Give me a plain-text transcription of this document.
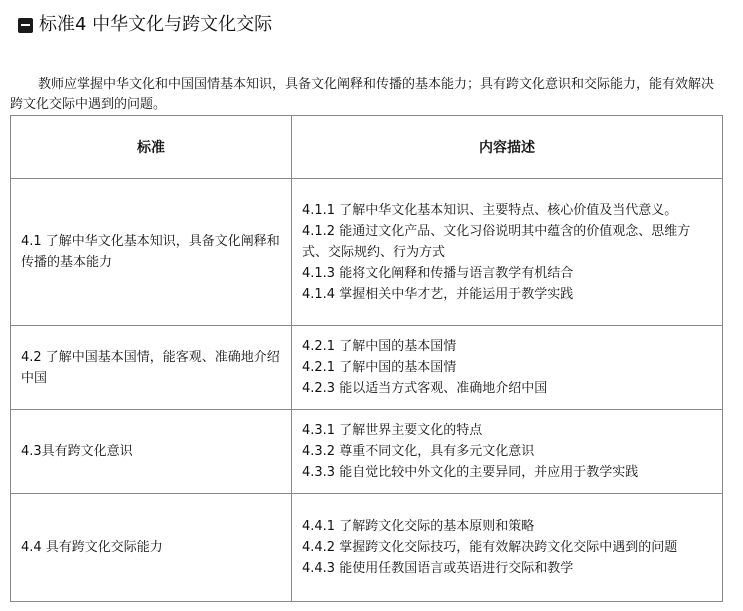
标准4 中华文化与跨文化交际

教师应掌握中华文化和中国国情基本知识，具备文化阐释和传播的基本能力；具有跨文化意识和交际能力，能有效解决跨文化交际中遇到的问题。

标准	内容描述
4.1 了解中华文化基本知识，具备文化阐释和传播的基本能力	4.1.1 了解中华文化基本知识、主要特点、核心价值及当代意义。
4.1.2 能通过文化产品、文化习俗说明其中蕴含的价值观念、思维方式、交际规约、行为方式
4.1.3 能将文化阐释和传播与语言教学有机结合
4.1.4 掌握相关中华才艺，并能运用于教学实践

4.2 了解中国基本国情，能客观、准确地介绍中国	4.2.1 了解中国的基本国情
4.2.1 了解中国的基本国情
4.2.3 能以适当方式客观、准确地介绍中国

4.3具有跨文化意识	4.3.1 了解世界主要文化的特点
4.3.2 尊重不同文化，具有多元文化意识
4.3.3 能自觉比较中外文化的主要异同，并应用于教学实践

4.4 具有跨文化交际能力	4.4.1 了解跨文化交际的基本原则和策略
4.4.2 掌握跨文化交际技巧，能有效解决跨文化交际中遇到的问题
4.4.3 能使用任教国语言或英语进行交际和教学
